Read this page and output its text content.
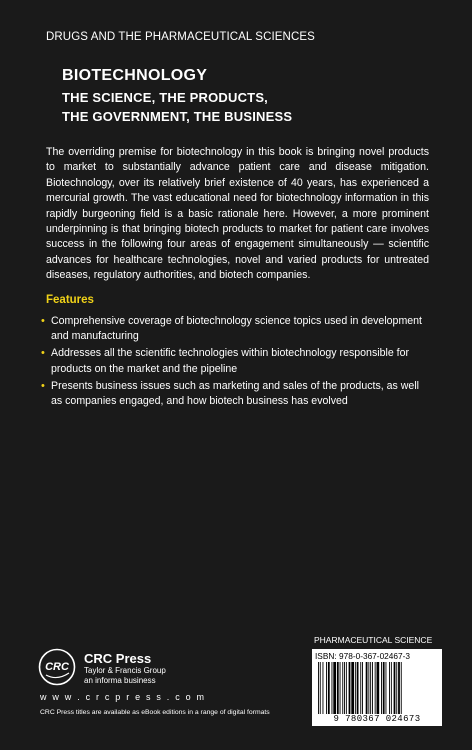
DRUGS AND THE PHARMACEUTICAL SCIENCES
BIOTECHNOLOGY
THE SCIENCE, THE PRODUCTS,
THE GOVERNMENT, THE BUSINESS

The overriding premise for biotechnology in this book is bringing novel products to market to substantially advance patient care and disease mitigation. Biotechnology, over its relatively brief existence of 40 years, has experienced a mercurial growth. The vast educational need for biotechnology information in this rapidly burgeoning field is a basic rationale here. However, a more prominent underpinning is that bringing biotech products to market for patient care involves success in the following four areas of engagement simultaneously — scientific advances for healthcare technologies, novel and varied products for untreated diseases, regulatory authorities, and biotech companies.

Features
• Comprehensive coverage of biotechnology science topics used in development and manufacturing
• Addresses all the scientific technologies within biotechnology responsible for products on the market and the pipeline
• Presents business issues such as marketing and sales of the products, as well as companies engaged, and how biotech business has evolved
CRC
CRC Press
Taylor & Francis Group
an informa business
w w w . c r c p r e s s . c o m
CRC Press titles are available as eBook editions in a range of digital formats
PHARMACEUTICAL SCIENCE
ISBN: 978-0-367-02467-3
9 780367 024673
